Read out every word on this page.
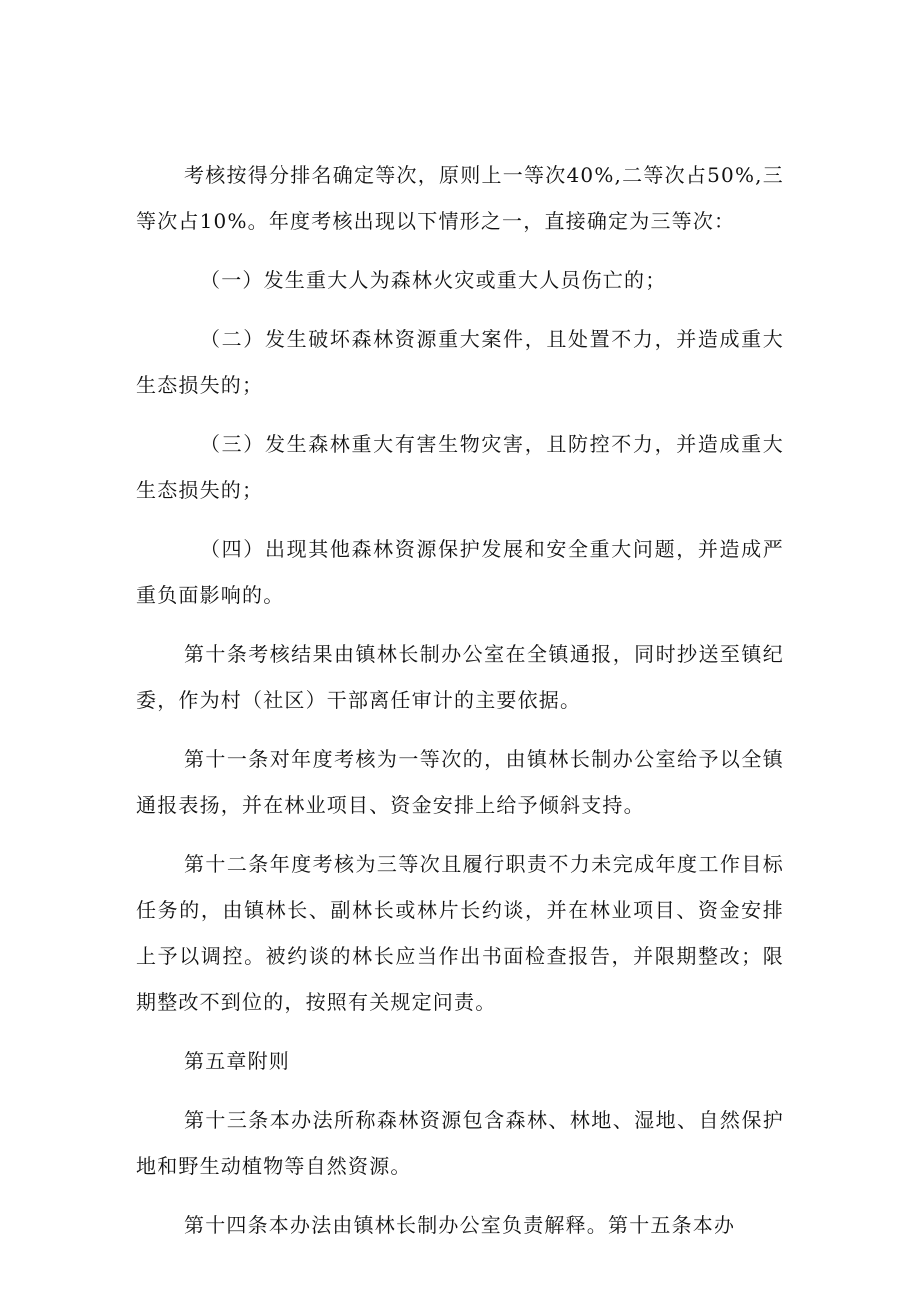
考核按得分排名确定等次，原则上一等次40%,二等次占50%,三等次占10%。年度考核出现以下情形之一，直接确定为三等次：

（一）发生重大人为森林火灾或重大人员伤亡的；

（二）发生破坏森林资源重大案件，且处置不力，并造成重大生态损失的；

（三）发生森林重大有害生物灾害，且防控不力，并造成重大生态损失的；

（四）出现其他森林资源保护发展和安全重大问题，并造成严重负面影响的。

第十条考核结果由镇林长制办公室在全镇通报，同时抄送至镇纪委，作为村（社区）干部离任审计的主要依据。

第十一条对年度考核为一等次的，由镇林长制办公室给予以全镇通报表扬，并在林业项目、资金安排上给予倾斜支持。

第十二条年度考核为三等次且履行职责不力未完成年度工作目标任务的，由镇林长、副林长或林片长约谈，并在林业项目、资金安排上予以调控。被约谈的林长应当作出书面检查报告，并限期整改；限期整改不到位的，按照有关规定问责。

第五章附则

第十三条本办法所称森林资源包含森林、林地、湿地、自然保护地和野生动植物等自然资源。

第十四条本办法由镇林长制办公室负责解释。第十五条本办
